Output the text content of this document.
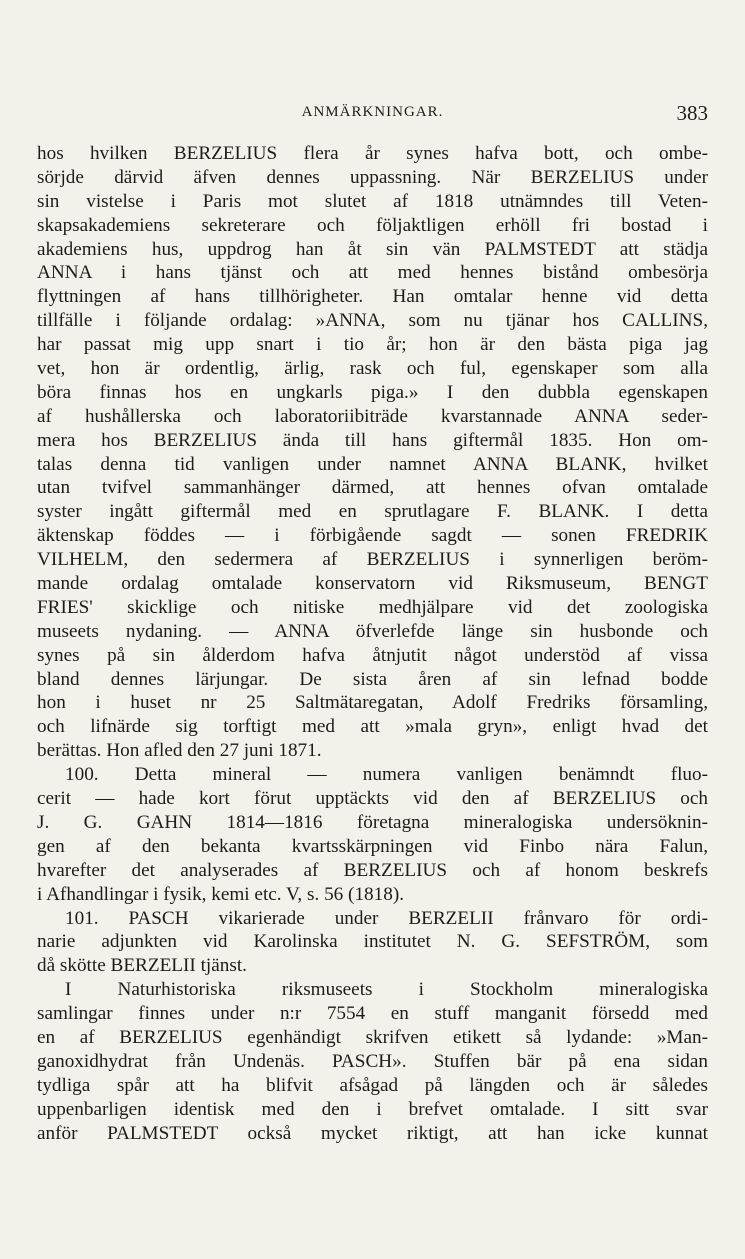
ANMÄRKNINGAR.	383
hos hvilken BERZELIUS flera år synes hafva bott, och ombe-
sörjde därvid äfven dennes uppassning. När BERZELIUS under
sin vistelse i Paris mot slutet af 1818 utnämndes till Veten-
skapsakademiens sekreterare och följaktligen erhöll fri bostad i
akademiens hus, uppdrog han åt sin vän PALMSTEDT att städja
ANNA i hans tjänst och att med hennes bistånd ombesörja
flyttningen af hans tillhörigheter. Han omtalar henne vid detta
tillfälle i följande ordalag: »ANNA, som nu tjänar hos CALLINS,
har passat mig upp snart i tio år; hon är den bästa piga jag
vet, hon är ordentlig, ärlig, rask och ful, egenskaper som alla
böra finnas hos en ungkarls piga.» I den dubbla egenskapen
af hushållerska och laboratoriibiträde kvarstannade ANNA seder-
mera hos BERZELIUS ända till hans giftermål 1835. Hon om-
talas denna tid vanligen under namnet ANNA BLANK, hvilket
utan tvifvel sammanhänger därmed, att hennes ofvan omtalade
syster ingått giftermål med en sprutlagare F. BLANK. I detta
äktenskap föddes — i förbigående sagdt — sonen FREDRIK
VILHELM, den sedermera af BERZELIUS i synnerligen beröm-
mande ordalag omtalade konservatorn vid Riksmuseum, BENGT
FRIES' skicklige och nitiske medhjälpare vid det zoologiska
museets nydaning. — ANNA öfverlefde länge sin husbonde och
synes på sin ålderdom hafva åtnjutit något understöd af vissa
bland dennes lärjungar. De sista åren af sin lefnad bodde
hon i huset nr 25 Saltmätaregatan, Adolf Fredriks församling,
och lifnärde sig torftigt med att »mala gryn», enligt hvad det
berättas. Hon afled den 27 juni 1871.
100. Detta mineral — numera vanligen benämndt fluo-
cerit — hade kort förut upptäckts vid den af BERZELIUS och
J. G. GAHN 1814—1816 företagna mineralogiska undersöknin-
gen af den bekanta kvartsskärpningen vid Finbo nära Falun,
hvarefter det analyserades af BERZELIUS och af honom beskrefs
i Afhandlingar i fysik, kemi etc. V, s. 56 (1818).
101. PASCH vikarierade under BERZELII frånvaro för ordi-
narie adjunkten vid Karolinska institutet N. G. SEFSTRÖM, som
då skötte BERZELII tjänst.
I Naturhistoriska riksmuseets i Stockholm mineralogiska
samlingar finnes under n:r 7554 en stuff manganit försedd med
en af BERZELIUS egenhändigt skrifven etikett så lydande: »Man-
ganoxidhydrat från Undenäs. PASCH». Stuffen bär på ena sidan
tydliga spår att ha blifvit afsågad på längden och är således
uppenbarligen identisk med den i brefvet omtalade. I sitt svar
anför PALMSTEDT också mycket riktigt, att han icke kunnat
